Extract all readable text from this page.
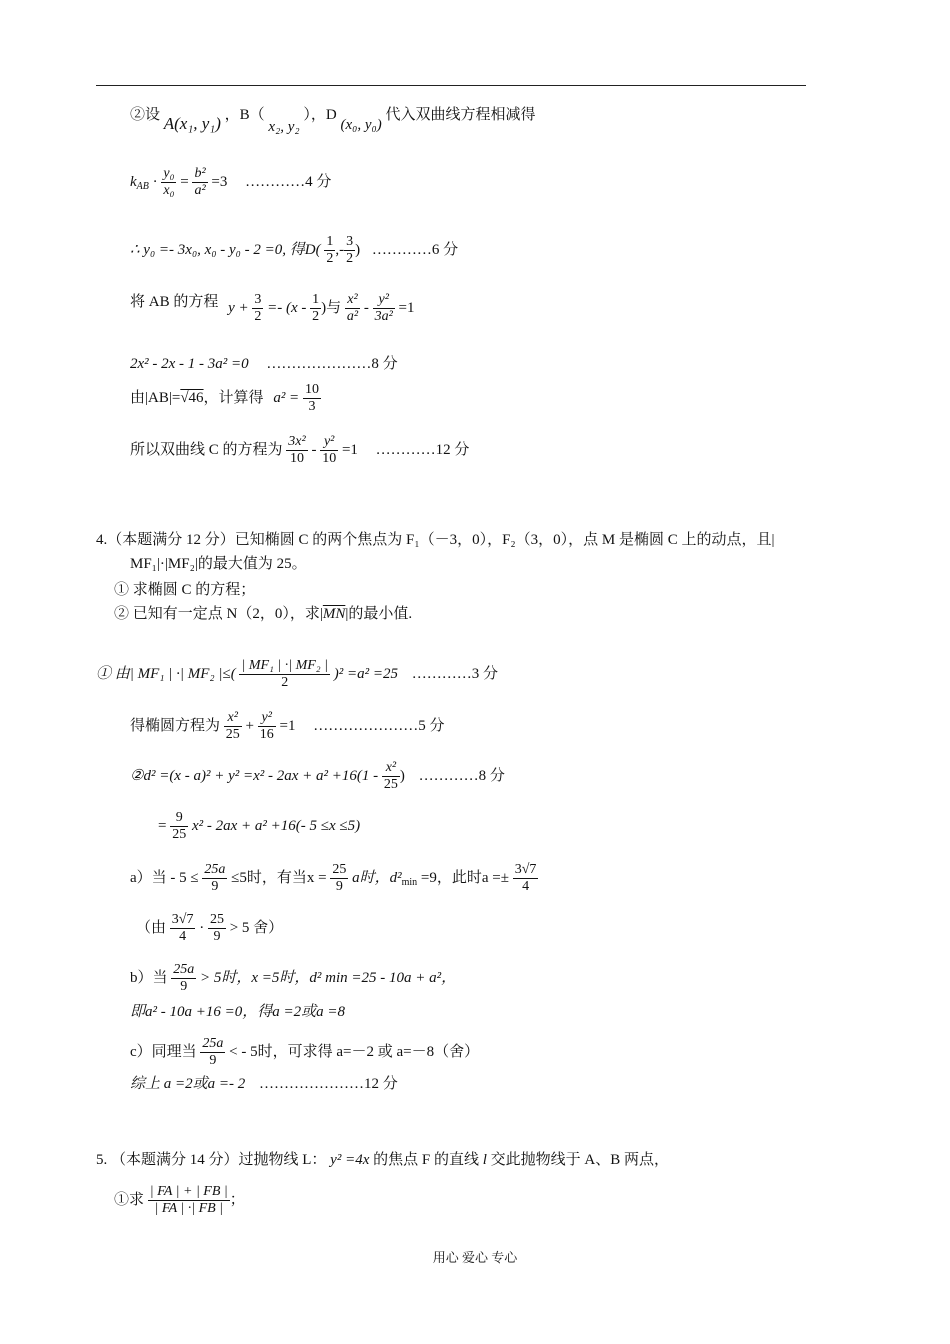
②设 A(x₁, y₁) ，B（ x₂, y₂ ），D (x₀, y₀) 代入双曲线方程相减得
$k_{AB} \cdot \frac{\text{y₀}}{\text{x₀}} = \frac{\text{b²}}{\text{a²}} =3$ …………4 分
∴ y₀ =- 3x₀, x₀ - y₀ - 2 =0, 得$D( \frac{1}{2}$ ,- $\frac{3}{2}$ ) …………6 分
将 AB 的方程 $y + \frac{3}{2} =- (x - \frac{1}{2}$ )与 $\frac{\text{x²}}{\text{a²}} - \frac{\text{y²}}{\text{3a²}} =1$
2x² - 2x - 1 - 3a² =0 …………………8 分
由|AB|=√46，计算得 $a^2 = \frac{10}{3}$
所以双曲线 C 的方程为 $\frac{\text{3x²}}{10} - \frac{\text{y²}}{10} =1$ …………12 分
4.（本题满分 12 分）已知椭圆 C 的两个焦点为 F₁（－3，0），F₂（3，0），点 M 是椭圆 C 上的动点，且|
MF₁|·|MF₂|的最大值为 25。
① 求椭圆 C 的方程；
② 已知有一定点 N（2，0），求$|\overline{MN}|$的最小值.
① 由| MF₁ | ·| MF₂ |≤( $\frac{\text{| MF₁ | ·| MF₂ |}}{2} )^2 =a^2 =25$ …………3 分
得椭圆方程为 $\frac{\text{x²}}{25} + \frac{\text{y²}}{16} =1$ …………………5 分
②d² $=(x - a)^2 + y^2 =x^2 - 2ax + a^2 +16(1 - \frac{\text{x²}}{25}$ ) …………8 分
= $\frac{9}{25} x^2 - 2ax + a^2 +16(-$ 5 ≤x ≤5)
a）当 - $5 \le \frac{25a}{9} \le 5$时，有当$x = \frac{25}{9}$ a时，$d^2_{min} =9$，此时$a =\pm \frac{3√7}{4}$
（由 $\frac{3√7}{4} \cdot \frac{25}{9} > 5$ 舍）
b）当 $\frac{25a}{9} > 5$时，x =5时，d² min =25 - 10a + a²，
即a² - 10a +16 =0，得a =2或a =8
c）同理当 $\frac{25a}{9}$ < - 5时，可求得 a=－2 或 a=－8（舍）
综上 a =2或a =- 2 …………………12 分
5. （本题满分 14 分）过抛物线 L： y² =4x 的焦点 F 的直线 l 交此抛物线于 A、B 两点，
①求 $\frac{| FA | + | FB |}{| FA | \cdot| FB |}$ ；
用心 爱心 专心
